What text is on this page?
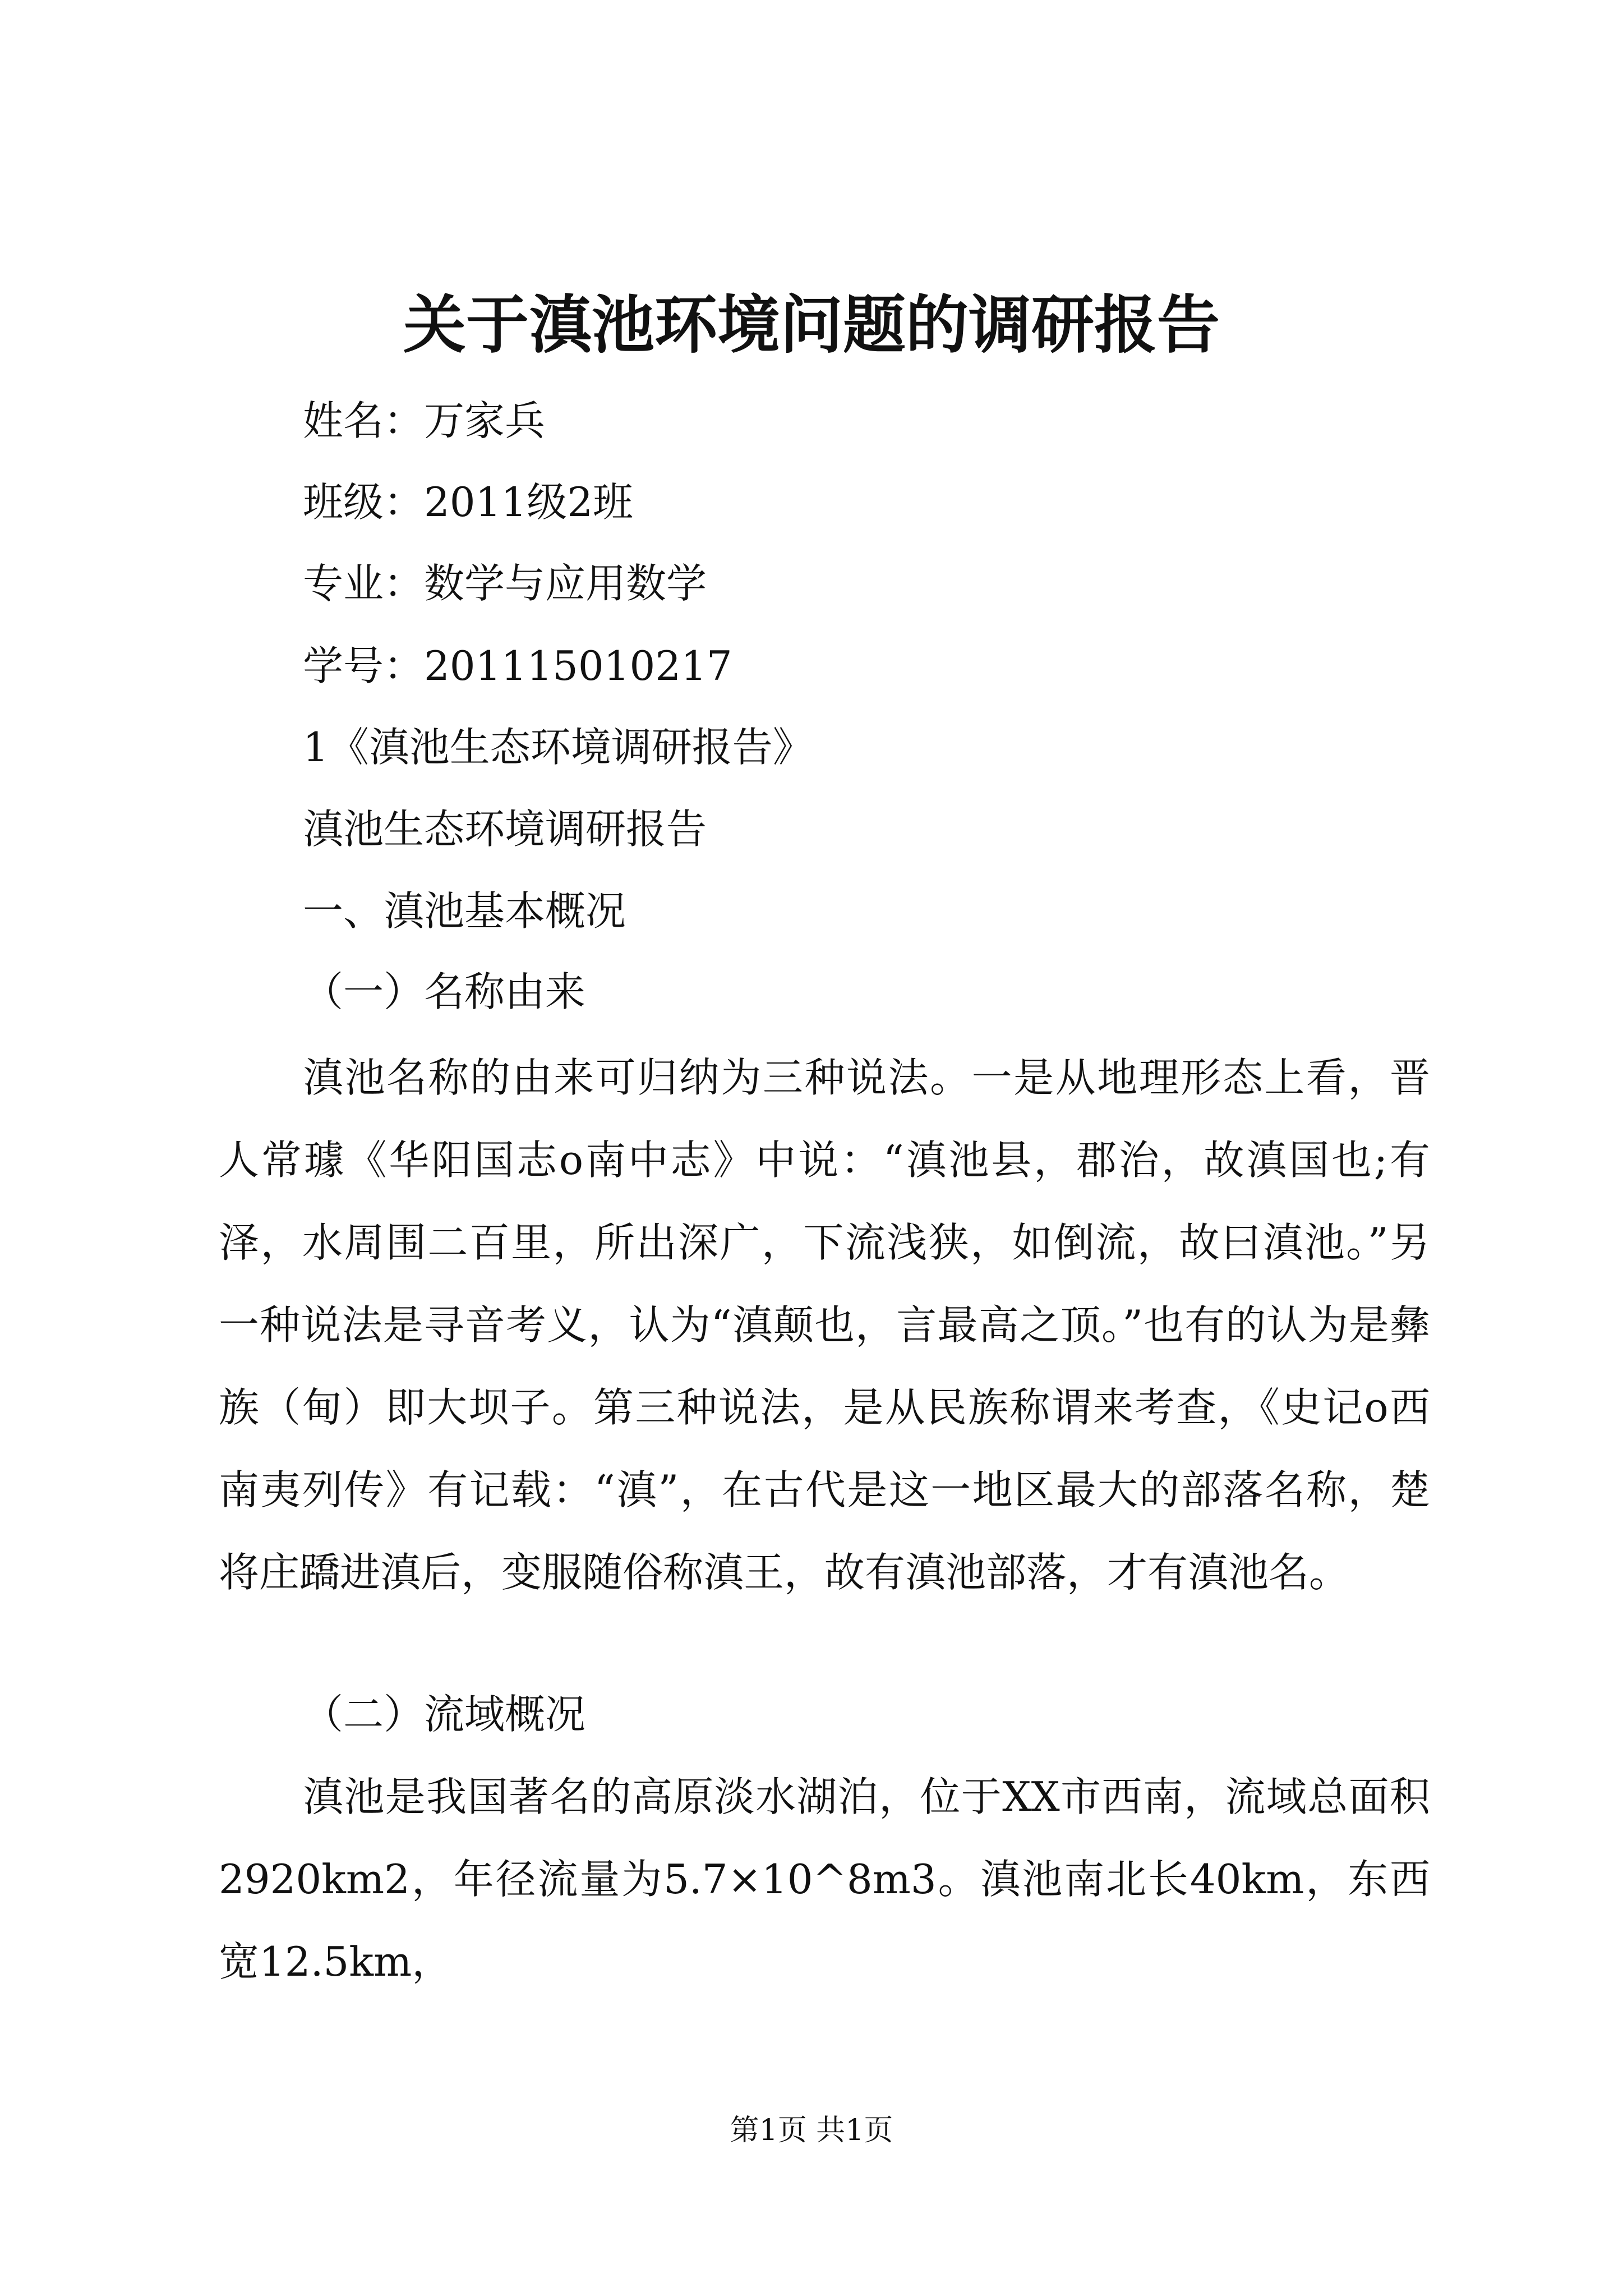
关于滇池环境问题的调研报告

姓名：万家兵

班级：2011级2班

专业：数学与应用数学

学号：201115010217

1《滇池生态环境调研报告》

滇池生态环境调研报告

一、滇池基本概况

（一）名称由来

滇池名称的由来可归纳为三种说法。一是从地理形态上看，晋人常璩《华阳国志o南中志》中说：“滇池县，郡治，故滇国也;有泽，水周围二百里，所出深广，下流浅狭，如倒流，故曰滇池。”另一种说法是寻音考义，认为“滇颠也，言最高之顶。”也有的认为是彝族（甸）即大坝子。第三种说法，是从民族称谓来考查，《史记o西南夷列传》有记载：“滇”，在古代是这一地区最大的部落名称，楚将庄蹻进滇后，变服随俗称滇王，故有滇池部落，才有滇池名。

（二）流域概况

滇池是我国著名的高原淡水湖泊，位于XX市西南，流域总面积2920km2，年径流量为5.7×10^8m3。滇池南北长40km，东西宽12.5km，

第1页 共1页
